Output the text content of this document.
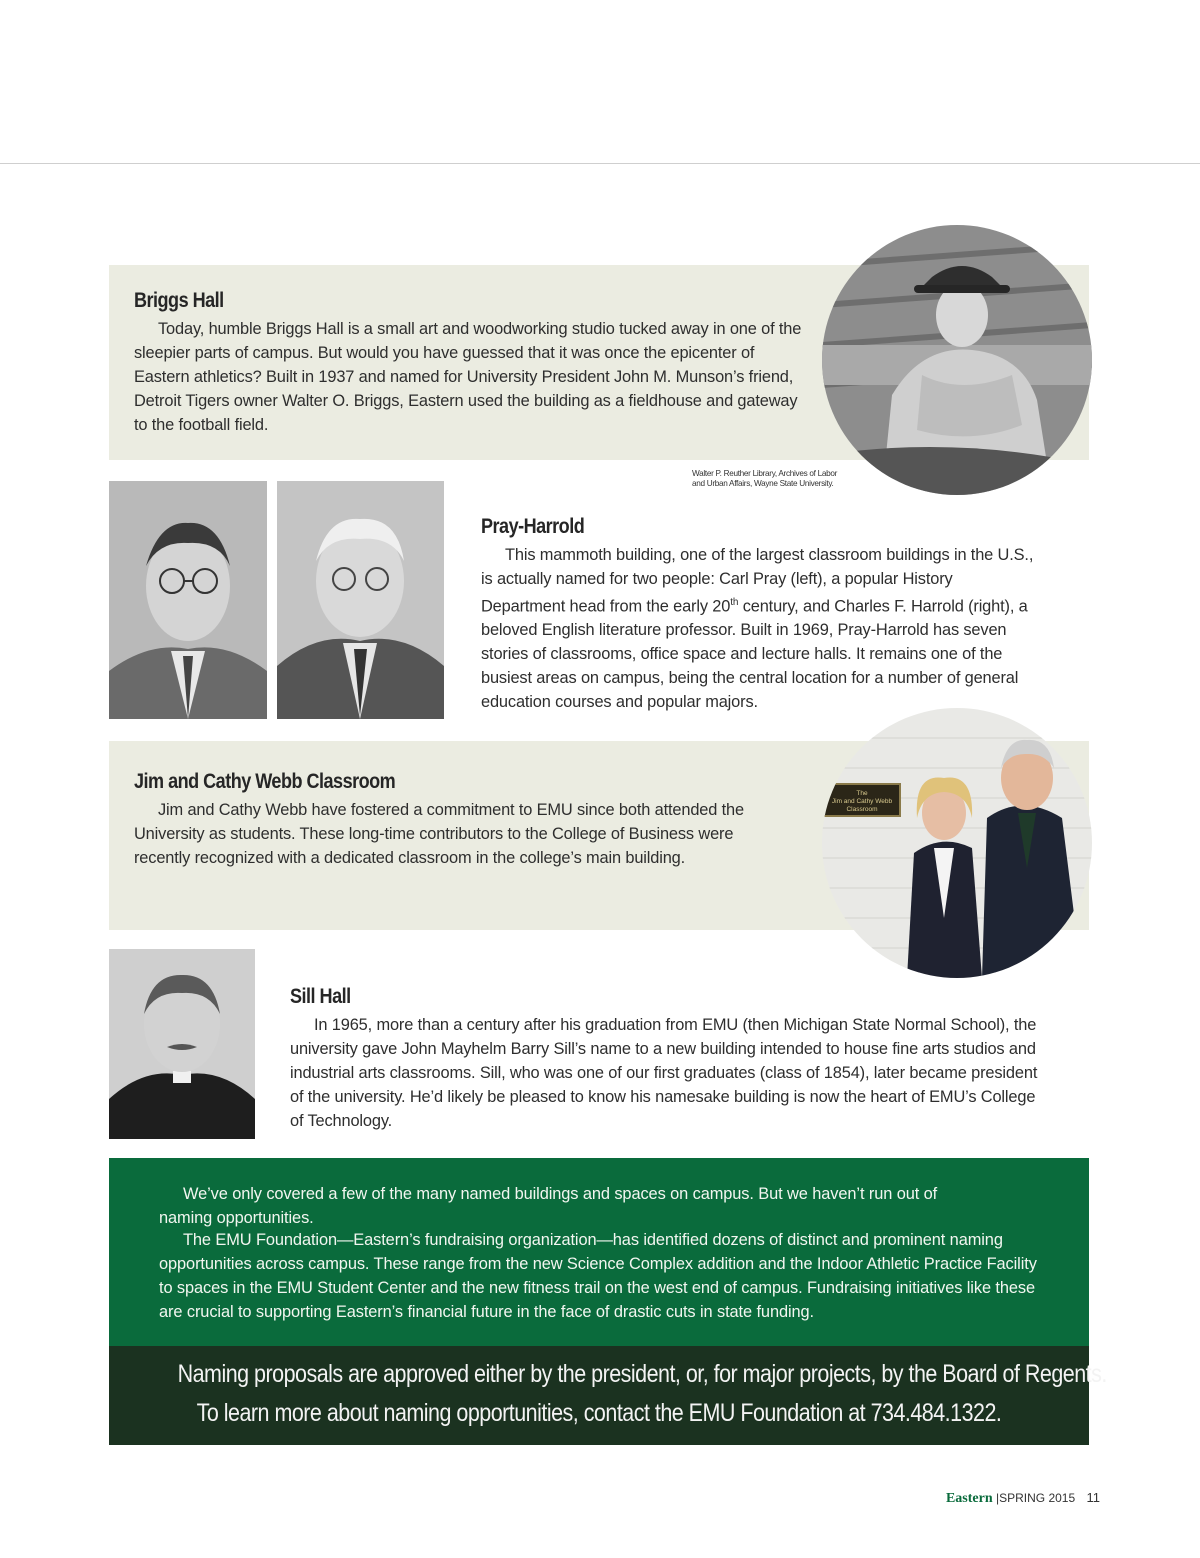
Briggs Hall

Today, humble Briggs Hall is a small art and woodworking studio tucked away in one of the sleepier parts of campus. But would you have guessed that it was once the epicenter of Eastern athletics? Built in 1937 and named for University President John M. Munson’s friend, Detroit Tigers owner Walter O. Briggs, Eastern used the building as a fieldhouse and gateway to the football field.

Walter P. Reuther Library, Archives of Labor
and Urban Affairs, Wayne State University.
Pray-Harrold

This mammoth building, one of the largest classroom buildings in the U.S., is actually named for two people: Carl Pray (left), a popular History Department head from the early 20th century, and Charles F. Harrold (right), a beloved English literature professor. Built in 1969, Pray-Harrold has seven stories of classrooms, office space and lecture halls. It remains one of the busiest areas on campus, being the central location for a number of general education courses and popular majors.

Jim and Cathy Webb Classroom

Jim and Cathy Webb have fostered a commitment to EMU since both attended the University as students. These long-time contributors to the College of Business were recently recognized with a dedicated classroom in the college’s main building.

The
Jim and Cathy Webb
Classroom
Sill Hall

In 1965, more than a century after his graduation from EMU (then Michigan State Normal School), the university gave John Mayhelm Barry Sill’s name to a new building intended to house fine arts studios and industrial arts classrooms. Sill, who was one of our first graduates (class of 1854), later became president of the university. He’d likely be pleased to know his namesake building is now the heart of EMU’s College of Technology.

We’ve only covered a few of the many named buildings and spaces on campus. But we haven’t run out of naming opportunities.

The EMU Foundation—Eastern’s fundraising organization—has identified dozens of distinct and prominent naming opportunities across campus. These range from the new Science Complex addition and the Indoor Athletic Practice Facility to spaces in the EMU Student Center and the new fitness trail on the west end of campus. Fundraising initiatives like these are crucial to supporting Eastern’s financial future in the face of drastic cuts in state funding.

Naming proposals are approved either by the president, or, for major projects, by the Board of Regents.
To learn more about naming opportunities, contact the EMU Foundation at 734.484.1322.
Eastern |SPRING 2015 11
